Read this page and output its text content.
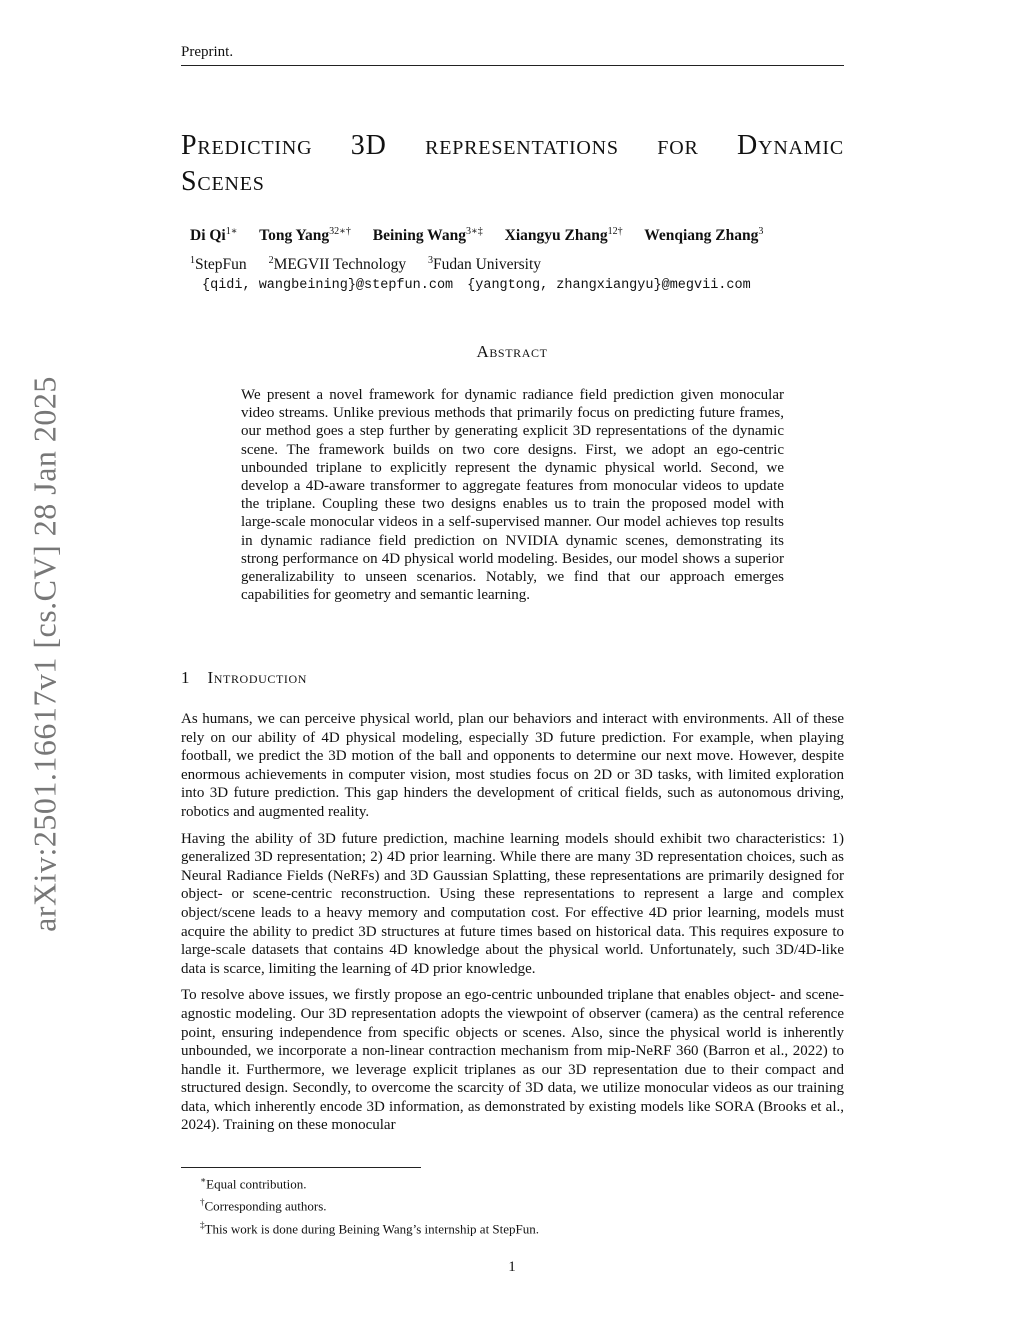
Preprint.
arXiv:2501.16617v1 [cs.CV] 28 Jan 2025
Predicting 3D representations for Dynamic
Scenes
Di $Qi^{1∗}$ Tong Yang$^{32∗\dagger}$ Beining Wang$^{3∗\ddagger}$ Xiangyu Zhang$^{12\dagger}$ Wenqiang Zhang$^3$
$^1$StepFun $^2$MEGVII Technology $^3$Fudan University
{qidi, wangbeining}@stepfun.com {yangtong, zhangxiangyu}@megvii.com
Abstract
We present a novel framework for dynamic radiance field prediction given monocular video streams. Unlike previous methods that primarily focus on predicting future frames, our method goes a step further by generating explicit 3D representations of the dynamic scene. The framework builds on two core designs. First, we adopt an ego-centric unbounded triplane to explicitly represent the dynamic physical world. Second, we develop a 4D-aware transformer to aggregate features from monocular videos to update the triplane. Coupling these two designs enables us to train the proposed model with large-scale monocular videos in a self-supervised manner. Our model achieves top results in dynamic radiance field prediction on NVIDIA dynamic scenes, demonstrating its strong performance on 4D physical world modeling. Besides, our model shows a superior generalizability to unseen scenarios. Notably, we find that our approach emerges capabilities for geometry and semantic learning.
1 Introduction

As humans, we can perceive physical world, plan our behaviors and interact with environments. All of these rely on our ability of 4D physical modeling, especially 3D future prediction. For example, when playing football, we predict the 3D motion of the ball and opponents to determine our next move. However, despite enormous achievements in computer vision, most studies focus on 2D or 3D tasks, with limited exploration into 3D future prediction. This gap hinders the development of critical fields, such as autonomous driving, robotics and augmented reality.

Having the ability of 3D future prediction, machine learning models should exhibit two characteristics: 1) generalized 3D representation; 2) 4D prior learning. While there are many 3D representation choices, such as Neural Radiance Fields (NeRFs) and 3D Gaussian Splatting, these representations are primarily designed for object- or scene-centric reconstruction. Using these representations to represent a large and complex object/scene leads to a heavy memory and computation cost. For effective 4D prior learning, models must acquire the ability to predict 3D structures at future times based on historical data. This requires exposure to large-scale datasets that contains 4D knowledge about the physical world. Unfortunately, such 3D/4D-like data is scarce, limiting the learning of 4D prior knowledge.

To resolve above issues, we firstly propose an ego-centric unbounded triplane that enables object- and scene-agnostic modeling. Our 3D representation adopts the viewpoint of observer (camera) as the central reference point, ensuring independence from specific objects or scenes. Also, since the physical world is inherently unbounded, we incorporate a non-linear contraction mechanism from mip-NeRF 360 (Barron et al., 2022) to handle it. Furthermore, we leverage explicit triplanes as our 3D representation due to their compact and structured design. Secondly, to overcome the scarcity of 3D data, we utilize monocular videos as our training data, which inherently encode 3D information, as demonstrated by existing models like SORA (Brooks et al., 2024). Training on these monocular

∗Equal contribution.
†Corresponding authors.
‡This work is done during Beining Wang’s internship at StepFun.
1
